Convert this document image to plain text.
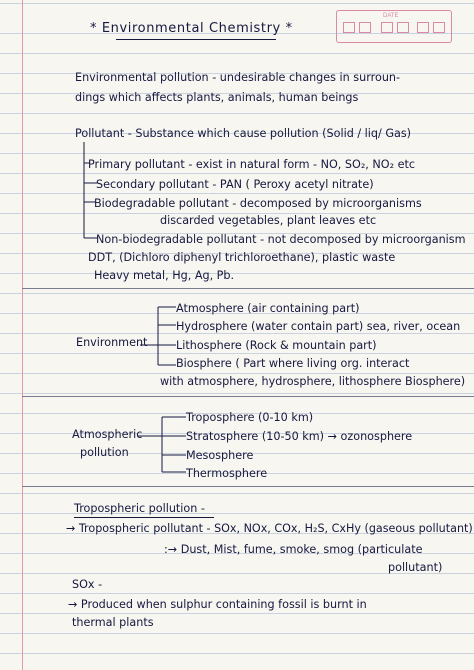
DATE
* Environmental Chemistry *
Environmental pollution - undesirable changes in surroun-
dings which affects plants, animals, human beings
Pollutant - Substance which cause pollution (Solid / liq/ Gas)
Primary pollutant - exist in natural form - NO, SO₂, NO₂ etc
Secondary pollutant - PAN ( Peroxy acetyl nitrate)
Biodegradable pollutant - decomposed by microorganisms
discarded vegetables, plant leaves etc
Non-biodegradable pollutant - not decomposed by microorganism
DDT, (Dichloro diphenyl trichloroethane), plastic waste
Heavy metal, Hg, Ag, Pb.
Environment
Atmosphere (air containing part)
Hydrosphere (water contain part) sea, river, ocean
Lithosphere (Rock & mountain part)
Biosphere ( Part where living org. interact
with atmosphere, hydrosphere, lithosphere Biosphere)
Atmospheric
pollution
Troposphere (0-10 km)
Stratosphere (10-50 km) → ozonosphere
Mesosphere
Thermosphere
Tropospheric pollution -
→ Tropospheric pollutant - SOx, NOx, COx, H₂S, CxHy (gaseous pollutant)
:→ Dust, Mist, fume, smoke, smog (particulate
pollutant)
SOx -
→ Produced when sulphur containing fossil is burnt in
thermal plants
